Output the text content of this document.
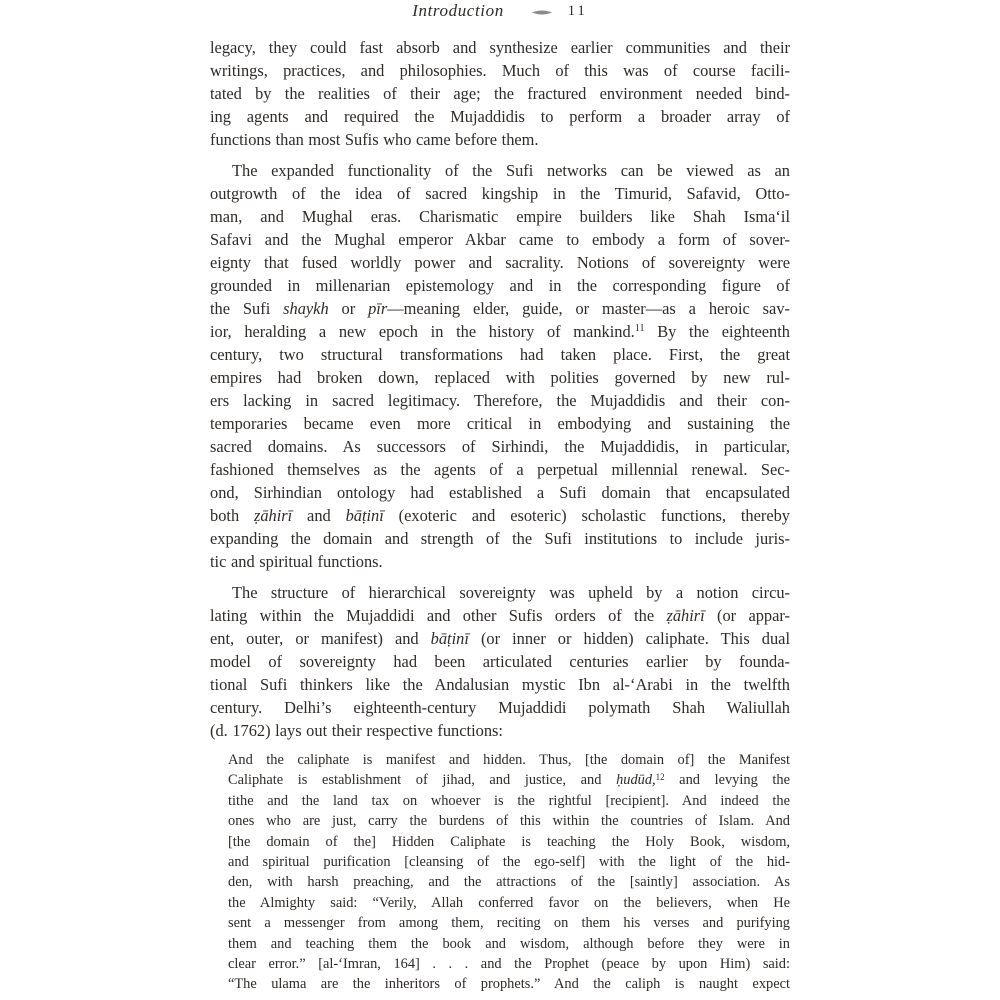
Introduction	11
legacy, they could fast absorb and synthesize earlier communities and their
writings, practices, and philosophies. Much of this was of course facili-
tated by the realities of their age; the fractured environment needed bind-
ing agents and required the Mujaddidis to perform a broader array of
functions than most Sufis who came before them.
The expanded functionality of the Sufi networks can be viewed as an
outgrowth of the idea of sacred kingship in the Timurid, Safavid, Otto-
man, and Mughal eras. Charismatic empire builders like Shah Isma‘il
Safavi and the Mughal emperor Akbar came to embody a form of sover-
eignty that fused worldly power and sacrality. Notions of sovereignty were
grounded in millenarian epistemology and in the corresponding figure of
the Sufi shaykh or pīr—meaning elder, guide, or master—as a heroic sav-
ior, heralding a new epoch in the history of mankind.$^{11}$ By the eighteenth
century, two structural transformations had taken place. First, the great
empires had broken down, replaced with polities governed by new rul-
ers lacking in sacred legitimacy. Therefore, the Mujaddidis and their con-
temporaries became even more critical in embodying and sustaining the
sacred domains. As successors of Sirhindi, the Mujaddidis, in particular,
fashioned themselves as the agents of a perpetual millennial renewal. Sec-
ond, Sirhindian ontology had established a Sufi domain that encapsulated
both ẓāhirī and bāṭinī (exoteric and esoteric) scholastic functions, thereby
expanding the domain and strength of the Sufi institutions to include juris-
tic and spiritual functions.
The structure of hierarchical sovereignty was upheld by a notion circu-
lating within the Mujaddidi and other Sufis orders of the ẓāhirī (or appar-
ent, outer, or manifest) and bāṭinī (or inner or hidden) caliphate. This dual
model of sovereignty had been articulated centuries earlier by founda-
tional Sufi thinkers like the Andalusian mystic Ibn al-‘Arabi in the twelfth
century. Delhi’s eighteenth-century Mujaddidi polymath Shah Waliullah
(d. 1762) lays out their respective functions:
And the caliphate is manifest and hidden. Thus, [the domain of] the Manifest
Caliphate is establishment of jihad, and justice, and ḥudūd,$^{12}$ and levying the
tithe and the land tax on whoever is the rightful [recipient]. And indeed the
ones who are just, carry the burdens of this within the countries of Islam. And
[the domain of the] Hidden Caliphate is teaching the Holy Book, wisdom,
and spiritual purification [cleansing of the ego-self] with the light of the hid-
den, with harsh preaching, and the attractions of the [saintly] association. As
the Almighty said: “Verily, Allah conferred favor on the believers, when He
sent a messenger from among them, reciting on them his verses and purifying
them and teaching them the book and wisdom, although before they were in
clear error.” [al-‘Imran, 164] . . . and the Prophet (peace by upon Him) said:
“The ulama are the inheritors of prophets.” And the caliph is naught expect
